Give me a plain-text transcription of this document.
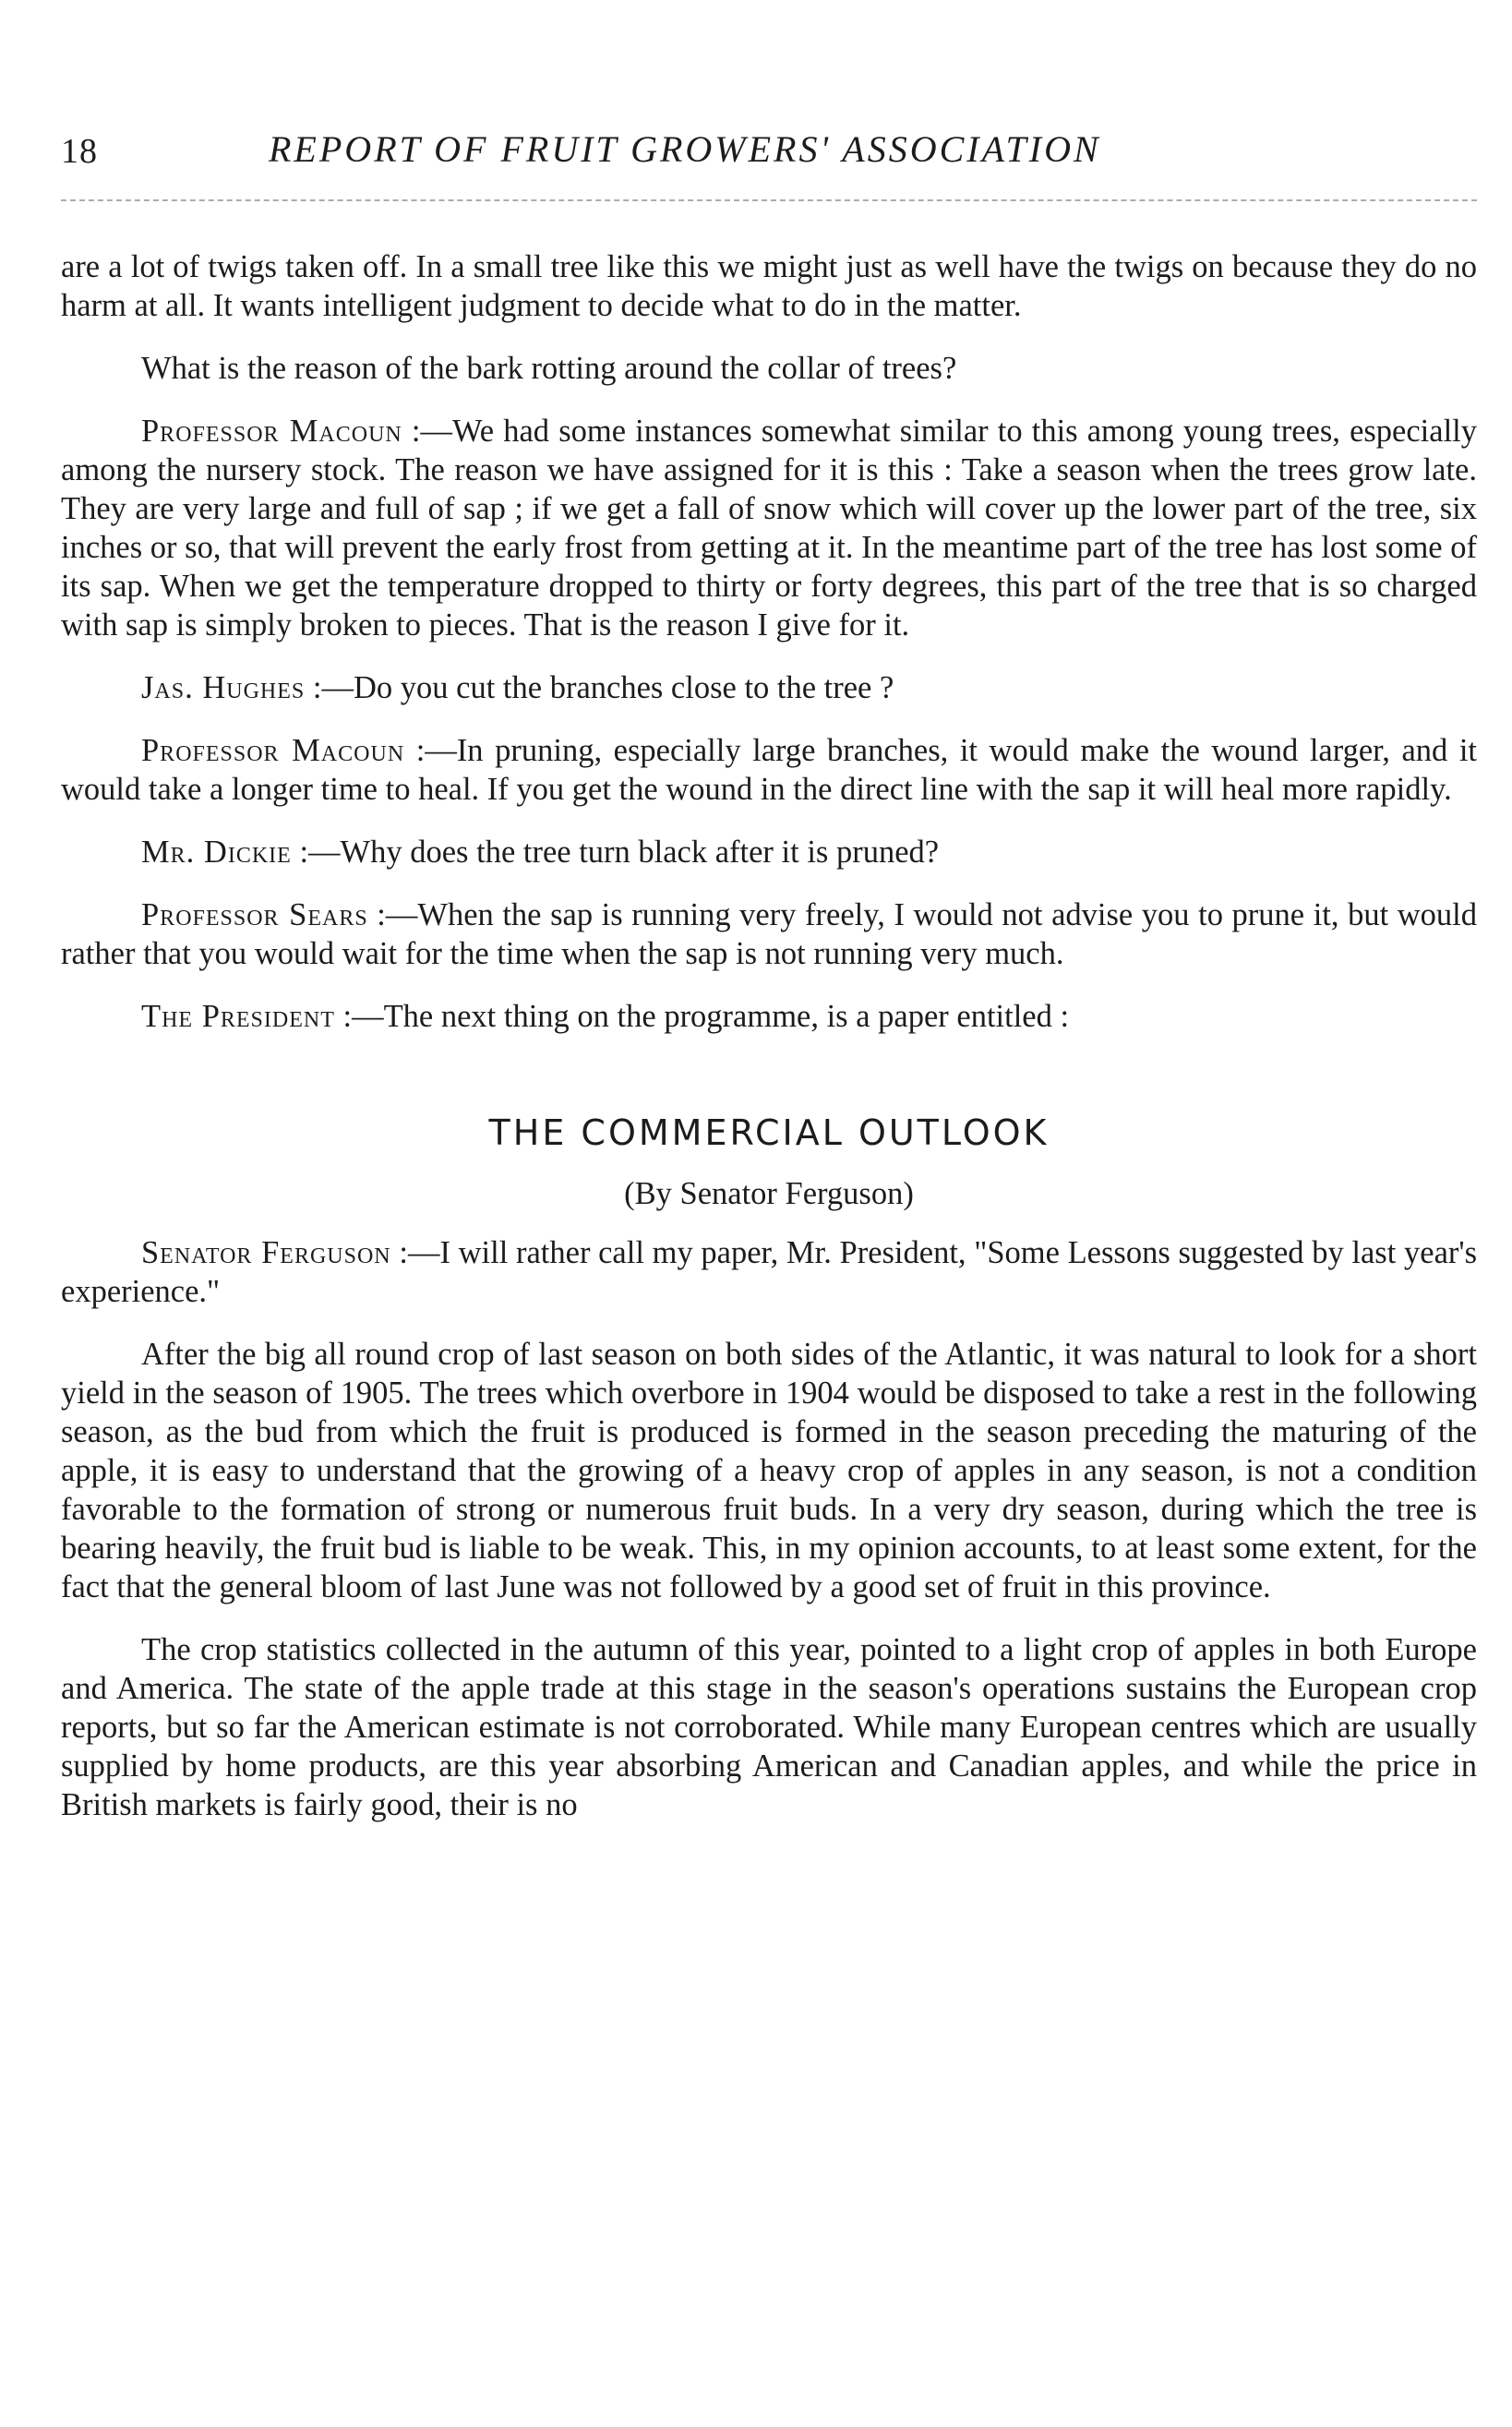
18	REPORT OF FRUIT GROWERS' ASSOCIATION

are a lot of twigs taken off. In a small tree like this we might just as well have the twigs on because they do no harm at all. It wants intelligent judgment to decide what to do in the matter.

What is the reason of the bark rotting around the collar of trees?

Professor Macoun :—We had some instances somewhat similar to this among young trees, especially among the nursery stock. The reason we have assigned for it is this : Take a season when the trees grow late. They are very large and full of sap ; if we get a fall of snow which will cover up the lower part of the tree, six inches or so, that will prevent the early frost from getting at it. In the meantime part of the tree has lost some of its sap. When we get the temperature dropped to thirty or forty degrees, this part of the tree that is so charged with sap is simply broken to pieces. That is the reason I give for it.

Jas. Hughes :—Do you cut the branches close to the tree ?

Professor Macoun :—In pruning, especially large branches, it would make the wound larger, and it would take a longer time to heal. If you get the wound in the direct line with the sap it will heal more rapidly.

Mr. Dickie :—Why does the tree turn black after it is pruned?

Professor Sears :—When the sap is running very freely, I would not advise you to prune it, but would rather that you would wait for the time when the sap is not running very much.

The President :—The next thing on the programme, is a paper entitled :

THE COMMERCIAL OUTLOOK
(By Senator Ferguson)

Senator Ferguson :—I will rather call my paper, Mr. President, "Some Lessons suggested by last year's experience."

After the big all round crop of last season on both sides of the Atlantic, it was natural to look for a short yield in the season of 1905. The trees which overbore in 1904 would be disposed to take a rest in the following season, as the bud from which the fruit is produced is formed in the season preceding the maturing of the apple, it is easy to understand that the growing of a heavy crop of apples in any season, is not a condition favorable to the formation of strong or numerous fruit buds. In a very dry season, during which the tree is bearing heavily, the fruit bud is liable to be weak. This, in my opinion accounts, to at least some extent, for the fact that the general bloom of last June was not followed by a good set of fruit in this province.

The crop statistics collected in the autumn of this year, pointed to a light crop of apples in both Europe and America. The state of the apple trade at this stage in the season's operations sustains the European crop reports, but so far the American estimate is not corroborated. While many European centres which are usually supplied by home products, are this year absorbing American and Canadian apples, and while the price in British markets is fairly good, their is no
